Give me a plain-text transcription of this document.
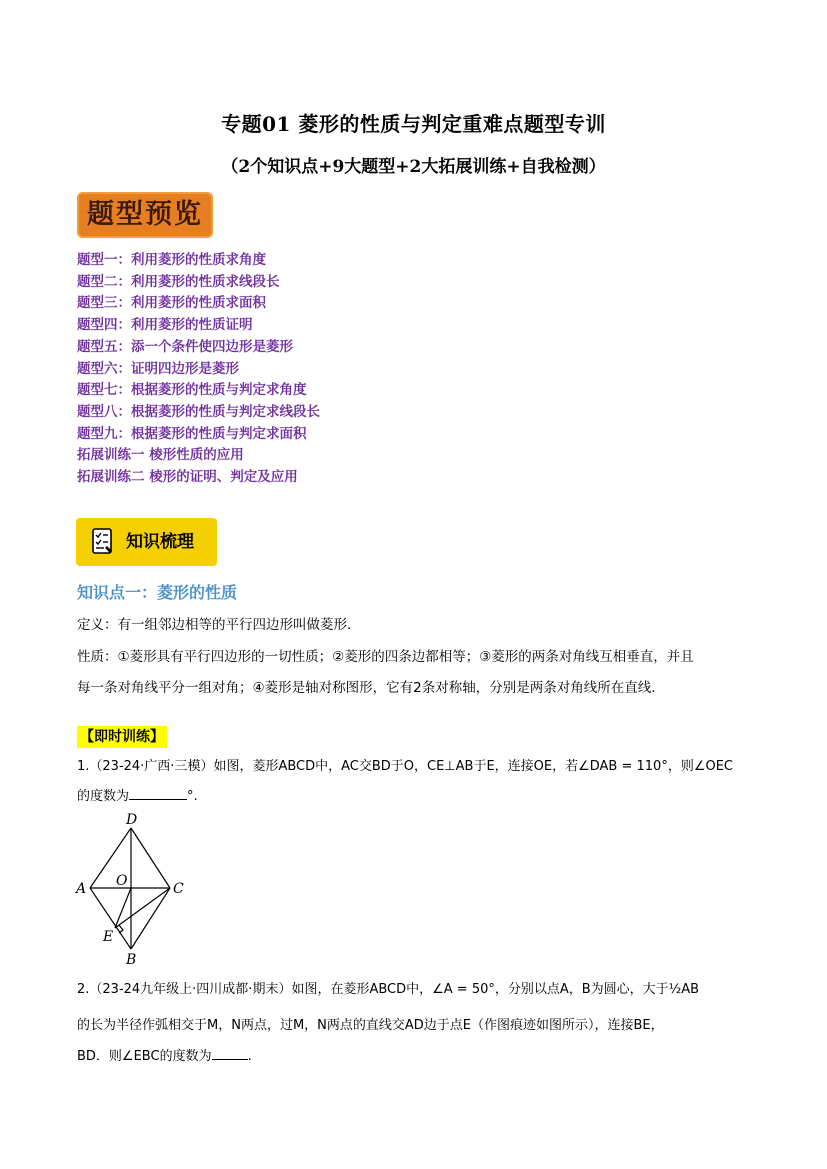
专题01 菱形的性质与判定重难点题型专训
（2个知识点+9大题型+2大拓展训练+自我检测）
题型预览
题型一：利用菱形的性质求角度
题型二：利用菱形的性质求线段长
题型三：利用菱形的性质求面积
题型四：利用菱形的性质证明
题型五：添一个条件使四边形是菱形
题型六：证明四边形是菱形
题型七：根据菱形的性质与判定求角度
题型八：根据菱形的性质与判定求线段长
题型九：根据菱形的性质与判定求面积
拓展训练一 棱形性质的应用
拓展训练二 棱形的证明、判定及应用
知识梳理
知识点一：菱形的性质
定义：有一组邻边相等的平行四边形叫做菱形.
性质：①菱形具有平行四边形的一切性质；②菱形的四条边都相等；③菱形的两条对角线互相垂直，并且
每一条对角线平分一组对角；④菱形是轴对称图形，它有2条对称轴，分别是两条对角线所在直线.
【即时训练】
1.（23-24·广西·三模）如图，菱形ABCD中，AC交BD于O，CE⊥AB于E，连接OE，若∠DAB = 110°，则∠OEC
的度数为	°.
D
A	C
O
E
B
2.（23-24九年级上·四川成都·期末）如图，在菱形ABCD中，∠A = 50°，分别以点A，B为圆心，大于½AB
的长为半径作弧相交于M，N两点，过M，N两点的直线交AD边于点E（作图痕迹如图所示），连接BE，
BD．则∠EBC的度数为	.
